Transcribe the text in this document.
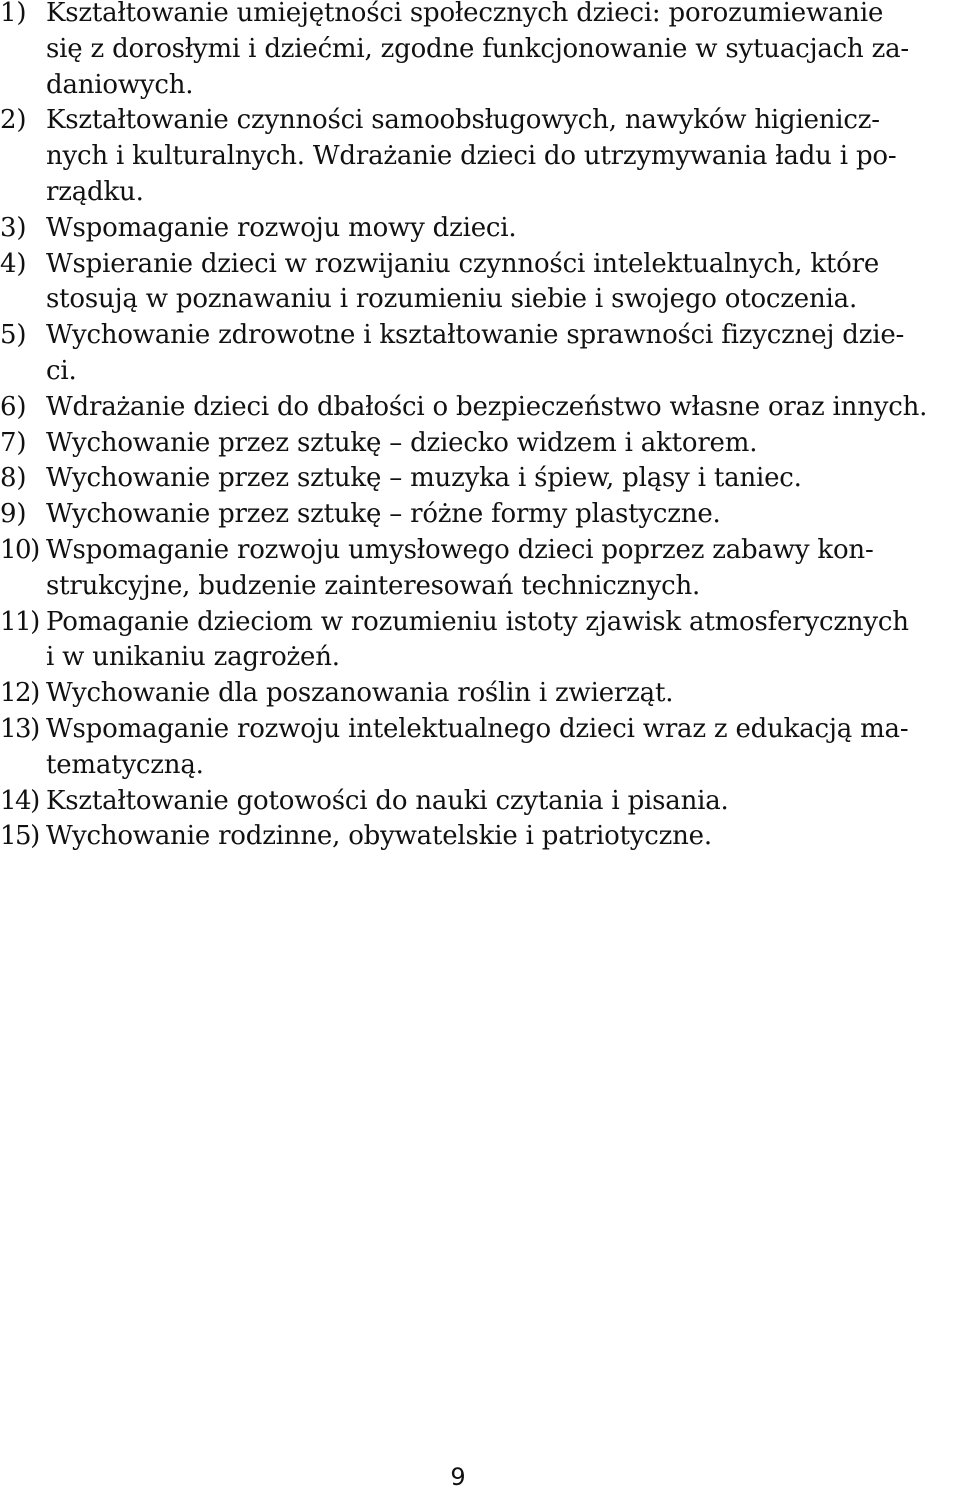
1) Kształtowanie umiejętności społecznych dzieci: porozumiewanie
się z dorosłymi i dziećmi, zgodne funkcjonowanie w sytuacjach za-
daniowych.
2) Kształtowanie czynności samoobsługowych, nawyków higienicz-
nych i kulturalnych. Wdrażanie dzieci do utrzymywania ładu i po-
rządku.
3) Wspomaganie rozwoju mowy dzieci.
4) Wspieranie dzieci w rozwijaniu czynności intelektualnych, które
stosują w poznawaniu i rozumieniu siebie i swojego otoczenia.
5) Wychowanie zdrowotne i kształtowanie sprawności fizycznej dzie-
ci.
6) Wdrażanie dzieci do dbałości o bezpieczeństwo własne oraz innych.
7) Wychowanie przez sztukę – dziecko widzem i aktorem.
8) Wychowanie przez sztukę – muzyka i śpiew, pląsy i taniec.
9) Wychowanie przez sztukę – różne formy plastyczne.
10) Wspomaganie rozwoju umysłowego dzieci poprzez zabawy kon-
strukcyjne, budzenie zainteresowań technicznych.
11) Pomaganie dzieciom w rozumieniu istoty zjawisk atmosferycznych
i w unikaniu zagrożeń.
12) Wychowanie dla poszanowania roślin i zwierząt.
13) Wspomaganie rozwoju intelektualnego dzieci wraz z edukacją ma-
tematyczną.
14) Kształtowanie gotowości do nauki czytania i pisania.
15) Wychowanie rodzinne, obywatelskie i patriotyczne.
9
